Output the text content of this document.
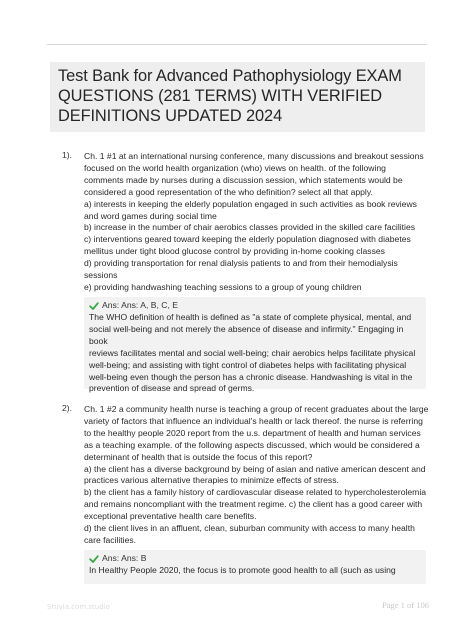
Test Bank for Advanced Pathophysiology EXAM QUESTIONS (281 TERMS) WITH VERIFIED DEFINITIONS UPDATED 2024
1). Ch. 1 #1 at an international nursing conference, many discussions and breakout sessions
focused on the world health organization (who) views on health. of the following
comments made by nurses during a discussion session, which statements would be
considered a good representation of the who definition? select all that apply.
a) interests in keeping the elderly population engaged in such activities as book reviews
and word games during social time
b) increase in the number of chair aerobics classes provided in the skilled care facilities
c) interventions geared toward keeping the elderly population diagnosed with diabetes
mellitus under tight blood glucose control by providing in-home cooking classes
d) providing transportation for renal dialysis patients to and from their hemodialysis
sessions
e) providing handwashing teaching sessions to a group of young children
Ans: Ans: A, B, C, E
The WHO definition of health is defined as "a state of complete physical, mental, and
social well-being and not merely the absence of disease and infirmity." Engaging in book
reviews facilitates mental and social well-being; chair aerobics helps facilitate physical
well-being; and assisting with tight control of diabetes helps with facilitating physical
well-being even though the person has a chronic disease. Handwashing is vital in the
prevention of disease and spread of germs.
2). Ch. 1 #2 a community health nurse is teaching a group of recent graduates about the large
variety of factors that influence an individual's health or lack thereof. the nurse is referring
to the healthy people 2020 report from the u.s. department of health and human services
as a teaching example. of the following aspects discussed, which would be considered a
determinant of health that is outside the focus of this report?
a) the client has a diverse background by being of asian and native american descent and
practices various alternative therapies to minimize effects of stress.
b) the client has a family history of cardiovascular disease related to hypercholesterolemia
and remains noncompliant with the treatment regime. c) the client has a good career with
exceptional preventative health care benefits.
d) the client lives in an affluent, clean, suburban community with access to many health
care facilities.
Ans: Ans: B
In Healthy People 2020, the focus is to promote good health to all (such as using
Stuvia.com.studio	Page 1 of 106
